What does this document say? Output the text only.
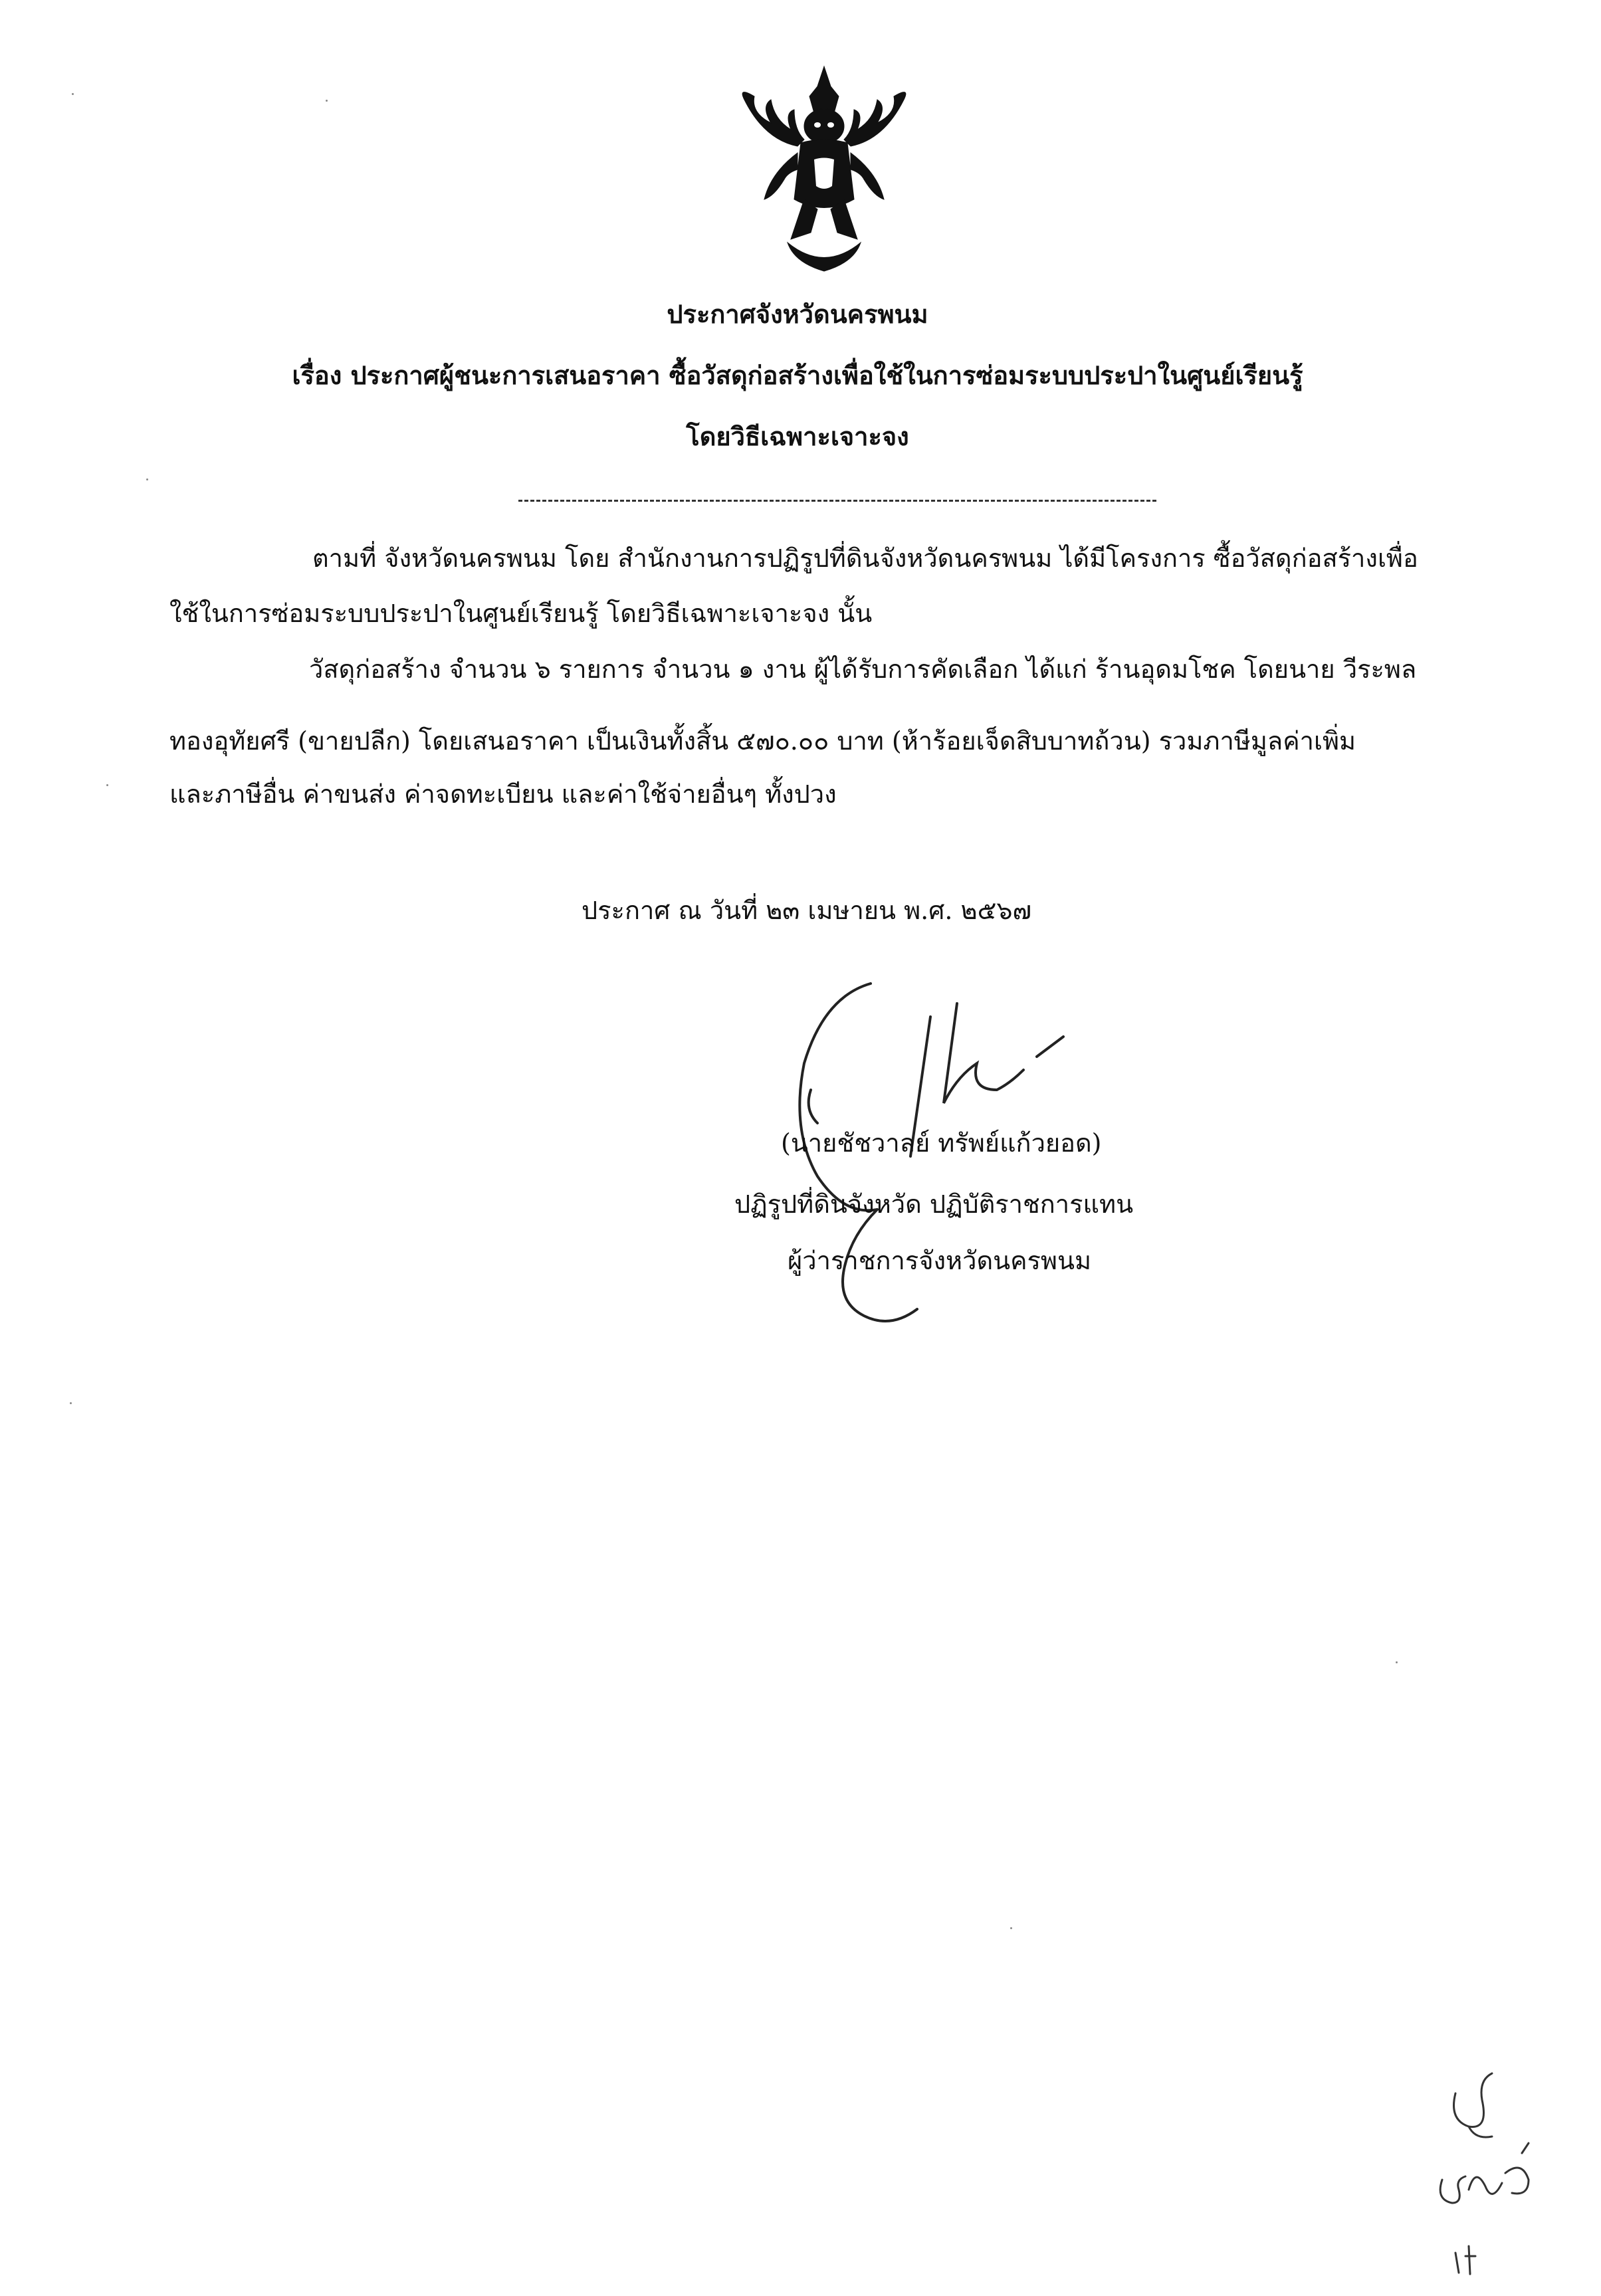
ประกาศจังหวัดนครพนม
เรื่อง ประกาศผู้ชนะการเสนอราคา ซื้อวัสดุก่อสร้างเพื่อใช้ในการซ่อมระบบประปาในศูนย์เรียนรู้
โดยวิธีเฉพาะเจาะจง
ตามที่ จังหวัดนครพนม โดย สำนักงานการปฏิรูปที่ดินจังหวัดนครพนม ได้มีโครงการ ซื้อวัสดุก่อสร้างเพื่อ
ใช้ในการซ่อมระบบประปาในศูนย์เรียนรู้ โดยวิธีเฉพาะเจาะจง นั้น
วัสดุก่อสร้าง จำนวน ๖ รายการ จำนวน ๑ งาน ผู้ได้รับการคัดเลือก ได้แก่ ร้านอุดมโชค โดยนาย วีระพล
ทองอุทัยศรี (ขายปลีก) โดยเสนอราคา เป็นเงินทั้งสิ้น ๕๗๐.๐๐ บาท (ห้าร้อยเจ็ดสิบบาทถ้วน) รวมภาษีมูลค่าเพิ่ม
และภาษีอื่น ค่าขนส่ง ค่าจดทะเบียน และค่าใช้จ่ายอื่นๆ ทั้งปวง
ประกาศ ณ วันที่ ๒๓ เมษายน พ.ศ. ๒๕๖๗
(นายชัชวาลย์ ทรัพย์แก้วยอด)
ปฏิรูปที่ดินจังหวัด ปฏิบัติราชการแทน
ผู้ว่าราชการจังหวัดนครพนม
